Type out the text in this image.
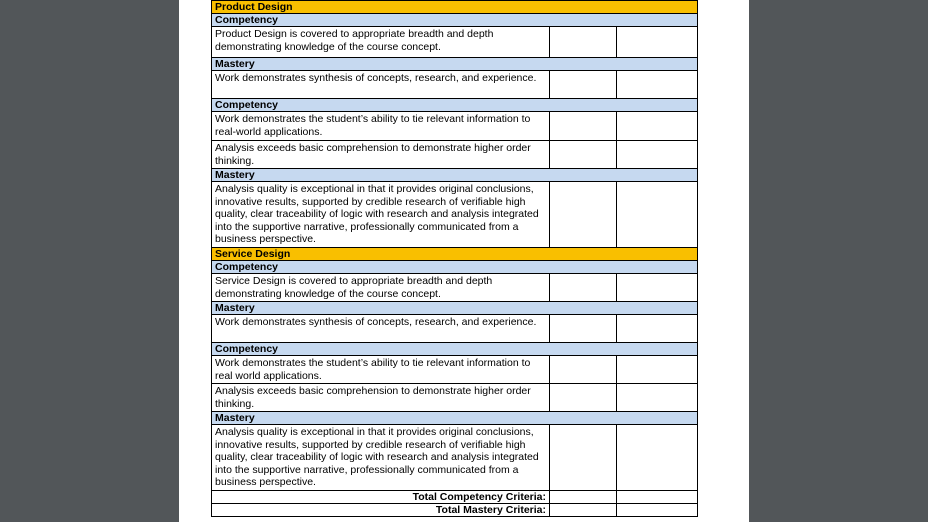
Product Design		
Competency		
Product Design is covered to appropriate breadth and depth demonstrating knowledge of the course concept.		
Mastery		
Work demonstrates synthesis of concepts, research, and experience.		
Competency		
Work demonstrates the student’s ability to tie relevant information to real-world applications.		
Analysis exceeds basic comprehension to demonstrate higher order thinking.		
Mastery		
Analysis quality is exceptional in that it provides original conclusions, innovative results, supported by credible research of verifiable high quality, clear traceability of logic with research and analysis integrated into the supportive narrative, professionally communicated from a business perspective.		
Service Design		
Competency		
Service Design is covered to appropriate breadth and depth demonstrating knowledge of the course concept.		
Mastery		
Work demonstrates synthesis of concepts, research, and experience.		
Competency		
Work demonstrates the student’s ability to tie relevant information to real world applications.		
Analysis exceeds basic comprehension to demonstrate higher order thinking.		
Mastery		
Analysis quality is exceptional in that it provides original conclusions, innovative results, supported by credible research of verifiable high quality, clear traceability of logic with research and analysis integrated into the supportive narrative, professionally communicated from a business perspective.		
Total Competency Criteria:		
Total Mastery Criteria:		
